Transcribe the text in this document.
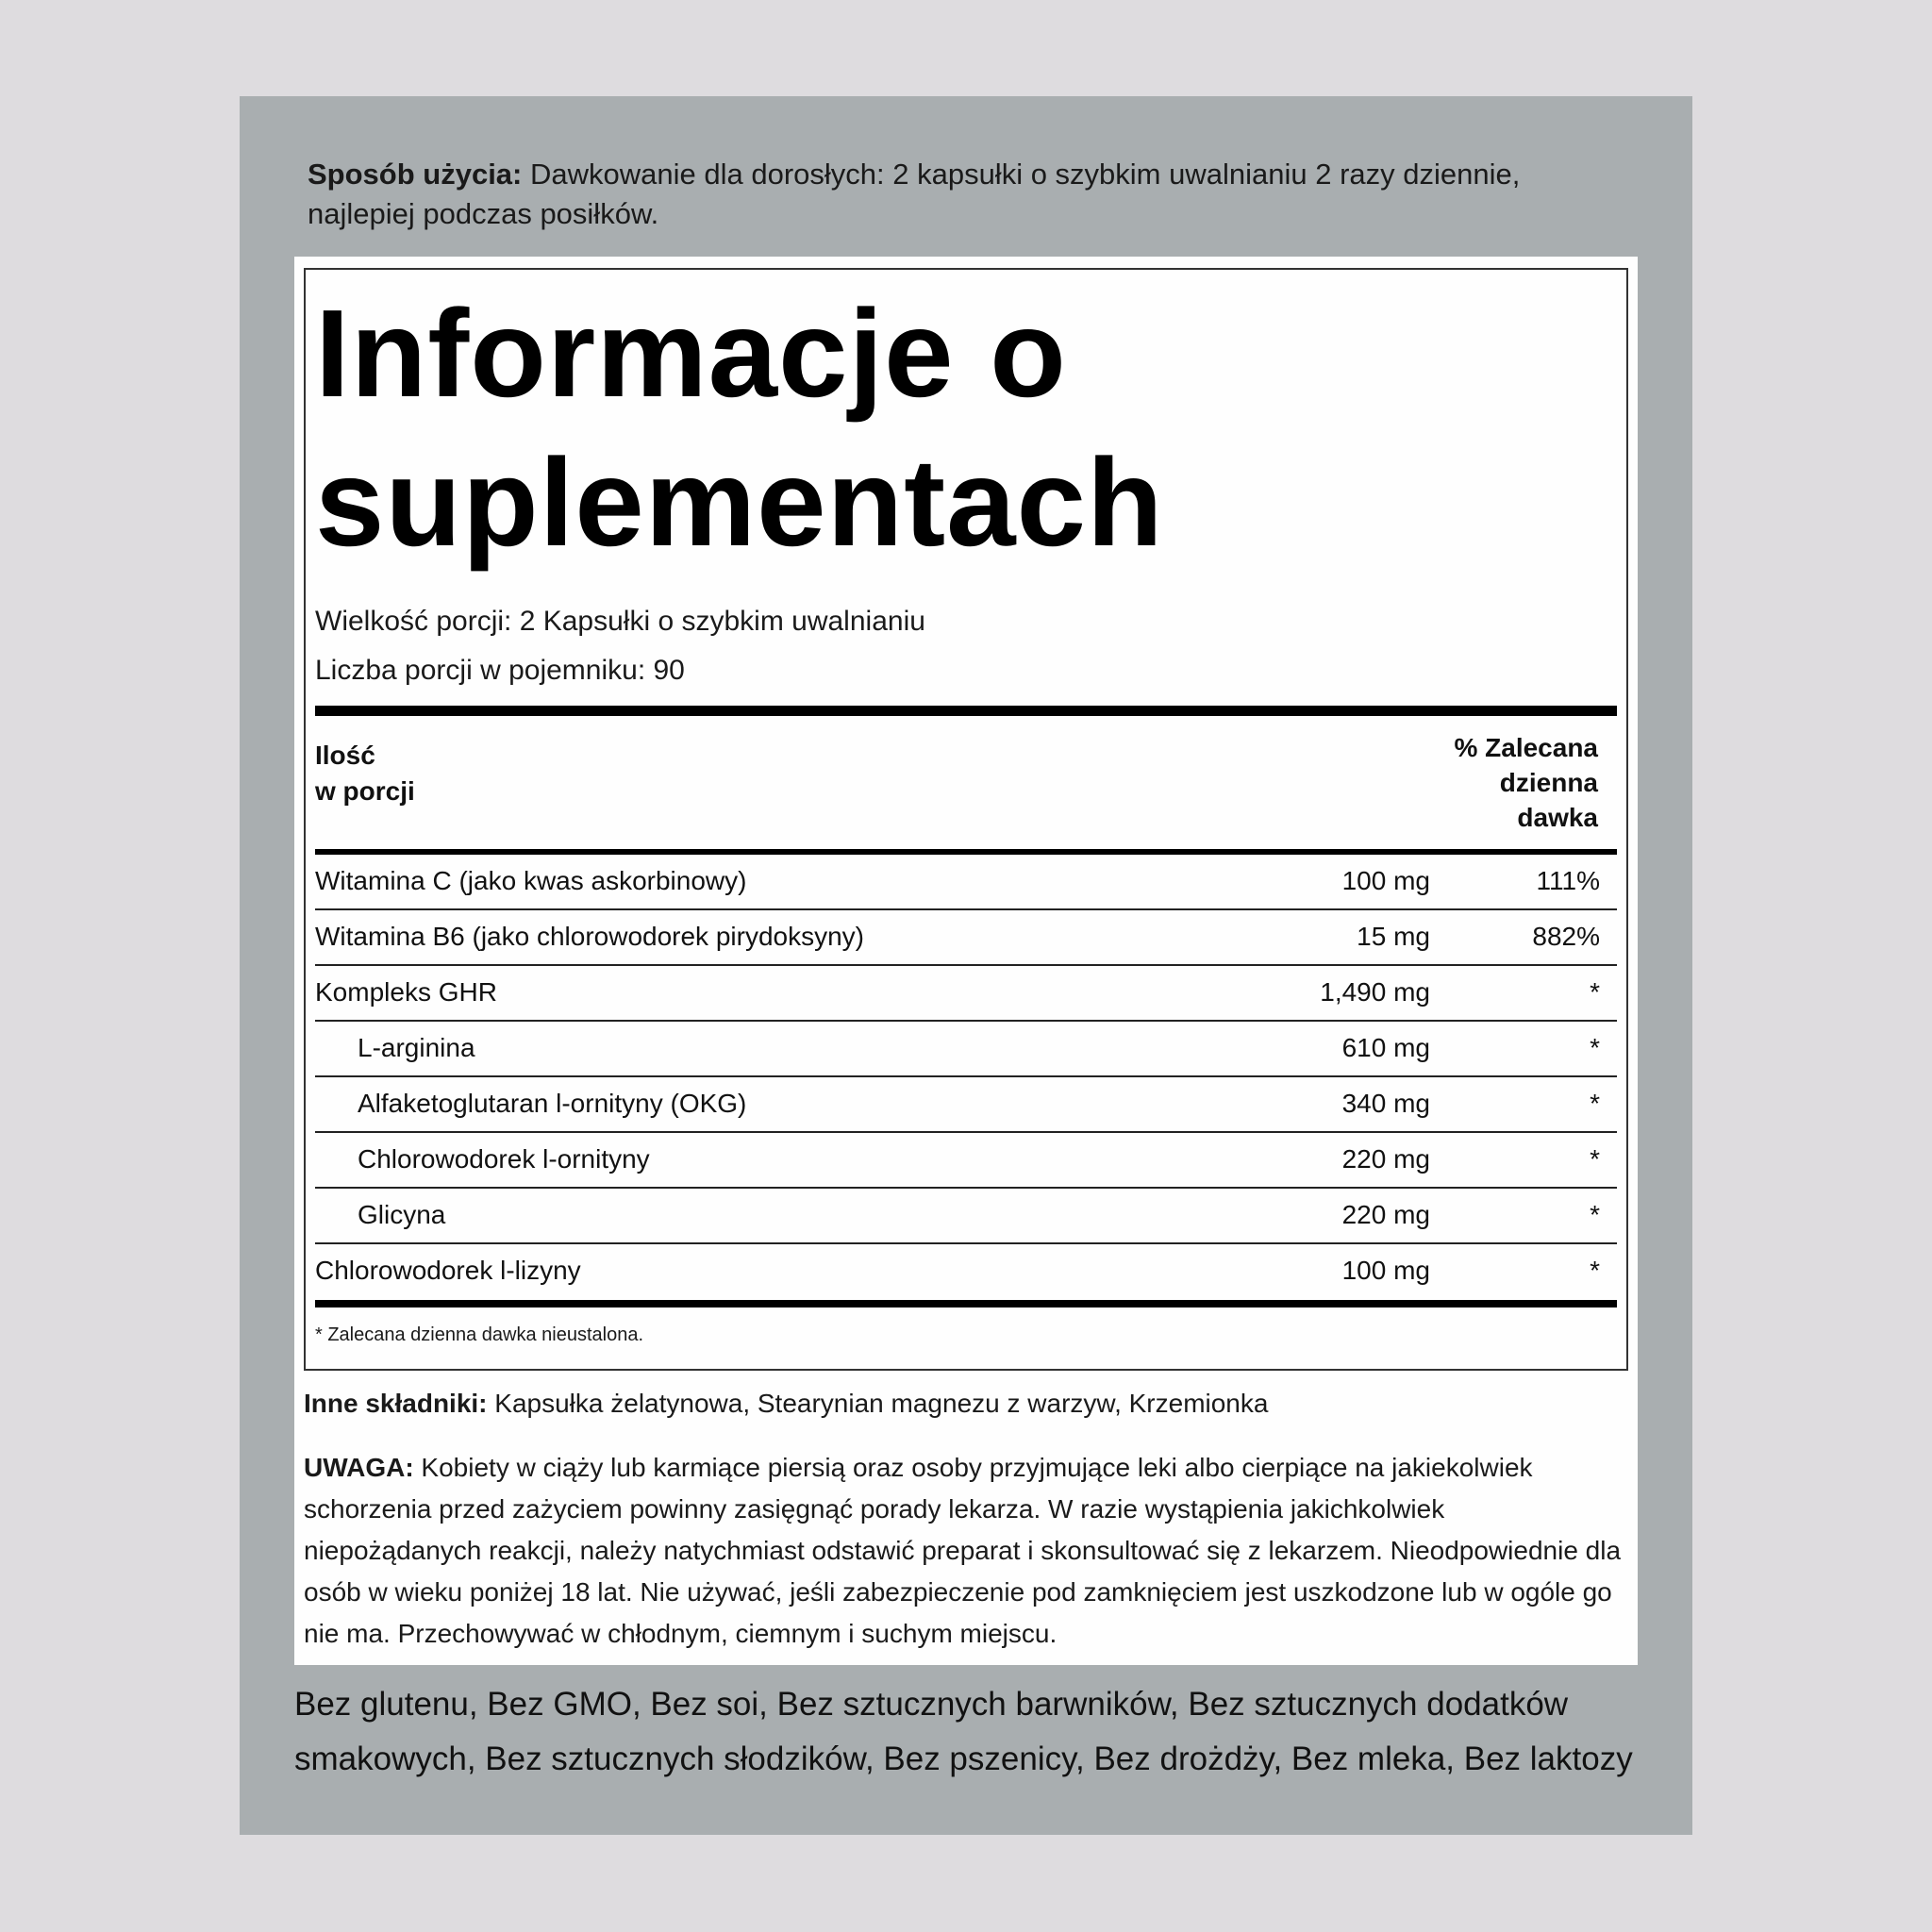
Sposób użycia: Dawkowanie dla dorosłych: 2 kapsułki o szybkim uwalnianiu 2 razy dziennie, najlepiej podczas posiłków.

Informacje o suplementach
Wielkość porcji: 2 Kapsułki o szybkim uwalnianiu
Liczba porcji w pojemniku: 90
Ilość
w porcji
% Zalecana
dzienna
dawka
Witamina C (jako kwas askorbinowy)	100 mg	111%
Witamina B6 (jako chlorowodorek pirydoksyny)	15 mg	882%
Kompleks GHR	1,490 mg	*
L-arginina	610 mg	*
Alfaketoglutaran l-ornityny (OKG)	340 mg	*
Chlorowodorek l-ornityny	220 mg	*
Glicyna	220 mg	*
Chlorowodorek l-lizyny	100 mg	*
* Zalecana dzienna dawka nieustalona.

Inne składniki: Kapsułka żelatynowa, Stearynian magnezu z warzyw, Krzemionka

UWAGA: Kobiety w ciąży lub karmiące piersią oraz osoby przyjmujące leki albo cierpiące na jakiekolwiek schorzenia przed zażyciem powinny zasięgnąć porady lekarza. W razie wystąpienia jakichkolwiek niepożądanych reakcji, należy natychmiast odstawić preparat i skonsultować się z lekarzem. Nieodpowiednie dla osób w wieku poniżej 18 lat. Nie używać, jeśli zabezpieczenie pod zamknięciem jest uszkodzone lub w ogóle go nie ma. Przechowywać w chłodnym, ciemnym i suchym miejscu.

Bez glutenu, Bez GMO, Bez soi, Bez sztucznych barwników, Bez sztucznych dodatków smakowych, Bez sztucznych słodzików, Bez pszenicy, Bez drożdży, Bez mleka, Bez laktozy
